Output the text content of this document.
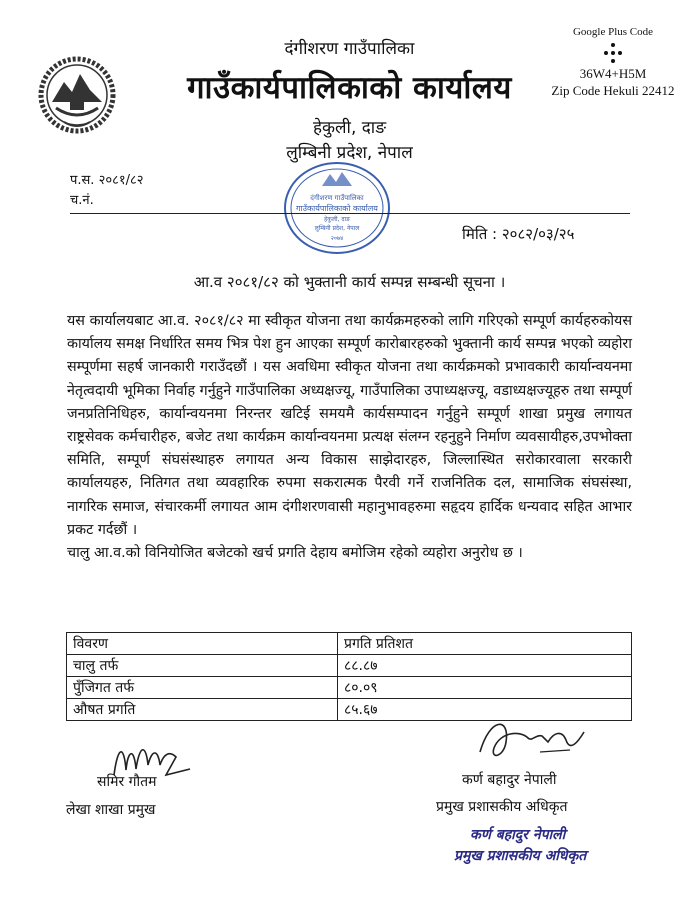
दंगीशरण गाउँपालिका
गाउँकार्यपालिकाको कार्यालय
हेकुली, दाङ
लुम्बिनी प्रदेश, नेपाल
Google Plus Code
36W4+H5M
Zip Code Hekuli 22412
प.स. २०८१/८२
च.नं.	दंगीशरण गाउँपालिका
गाउँकार्यपालिकाको कार्यालय
हेकुली, दाङ
लुम्बिनी प्रदेश, नेपाल
२०७४	मिति : २०८२/०३/२५
आ.व २०८१/८२ को भुक्तानी कार्य सम्पन्न सम्बन्धी सूचना ।

यस कार्यालयबाट आ.व. २०८१/८२ मा स्वीकृत योजना तथा कार्यक्रमहरुको लागि गरिएको सम्पूर्ण कार्यहरुकोयस कार्यालय समक्ष निर्धारित समय भित्र पेश हुन आएका सम्पूर्ण कारोबारहरुको भुक्तानी कार्य सम्पन्न भएको व्यहोरा सम्पूर्णमा सहर्ष जानकारी गराउँदछौं । यस अवधिमा स्वीकृत योजना तथा कार्यक्रमको प्रभावकारी कार्यान्वयनमा नेतृत्वदायी भूमिका निर्वाह गर्नुहुने गाउँपालिका अध्यक्षज्यू, गाउँपालिका उपाध्यक्षज्यू, वडाध्यक्षज्यूहरु तथा सम्पूर्ण जनप्रतिनिधिहरु, कार्यान्वयनमा निरन्तर खटिई समयमै कार्यसम्पादन गर्नुहुने सम्पूर्ण शाखा प्रमुख लगायत राष्ट्रसेवक कर्मचारीहरु, बजेट तथा कार्यक्रम कार्यान्वयनमा प्रत्यक्ष संलग्न रहनुहुने निर्माण व्यवसायीहरु,उपभोक्ता समिति, सम्पूर्ण संघसंस्थाहरु लगायत अन्य विकास साझेदारहरु, जिल्लास्थित सरोकारवाला सरकारी कार्यालयहरु, नितिगत तथा व्यवहारिक रुपमा सकरात्मक पैरवी गर्ने राजनितिक दल, सामाजिक संघसंस्था, नागरिक समाज, संचारकर्मी लगायत आम दंगीशरणवासी महानुभावहरुमा सहृदय हार्दिक धन्यवाद सहित आभार प्रकट गर्दछौं ।

चालु आ.व.को विनियोजित बजेटको खर्च प्रगति देहाय बमोजिम रहेको व्यहोरा अनुरोध छ ।

विवरण	प्रगति प्रतिशत
चालु तर्फ	८८.८७
पुँजिगत तर्फ	८०.०९
औषत प्रगति	८५.६७
समिर गौतम
लेखा शाखा प्रमुख
कर्ण बहादुर नेपाली
प्रमुख प्रशासकीय अधिकृत
कर्ण बहादुर नेपाली
प्रमुख प्रशासकीय अधिकृत
